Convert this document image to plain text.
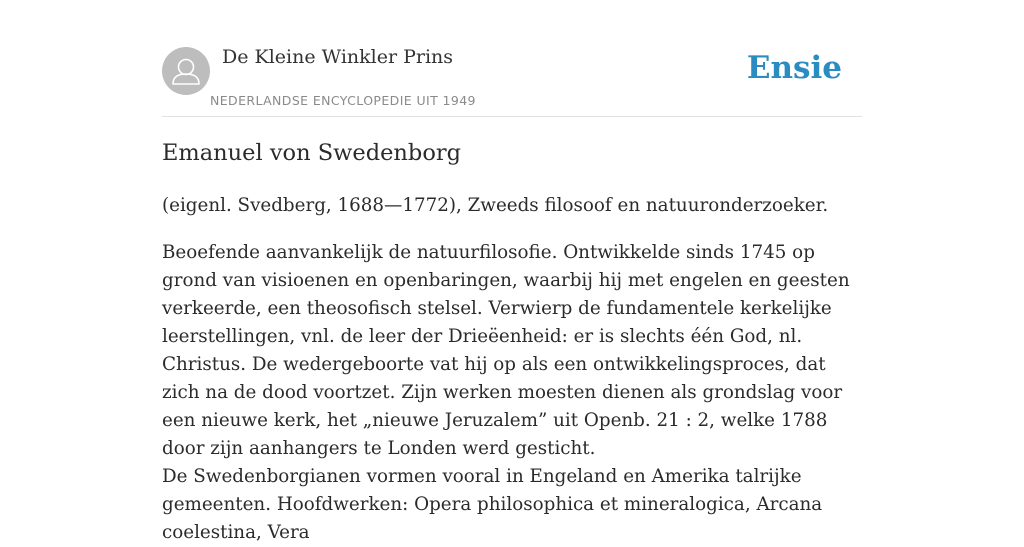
De Kleine Winkler Prins
NEDERLANDSE ENCYCLOPEDIE UIT 1949
Ensie
Emanuel von Swedenborg

(eigenl. Svedberg, 1688—1772), Zweeds filosoof en natuuronderzoeker.

Beoefende aanvankelijk de natuurfilosofie. Ontwikkelde sinds 1745 op grond van visioenen en openbaringen, waarbij hij met engelen en geesten verkeerde, een theosofisch stelsel. Verwierp de fundamentele kerkelijke leerstellingen, vnl. de leer der Drieëenheid: er is slechts één God, nl. Christus. De wedergeboorte vat hij op als een ontwikkelingsproces, dat zich na de dood voortzet. Zijn werken moesten dienen als grondslag voor een nieuwe kerk, het „nieuwe Jeruzalem” uit Openb. 21 : 2, welke 1788 door zijn aanhangers te Londen werd gesticht.

De Swedenborgianen vormen vooral in Engeland en Amerika talrijke gemeenten. Hoofdwerken: Opera philosophica et mineralogica, Arcana coelestina, Vera
